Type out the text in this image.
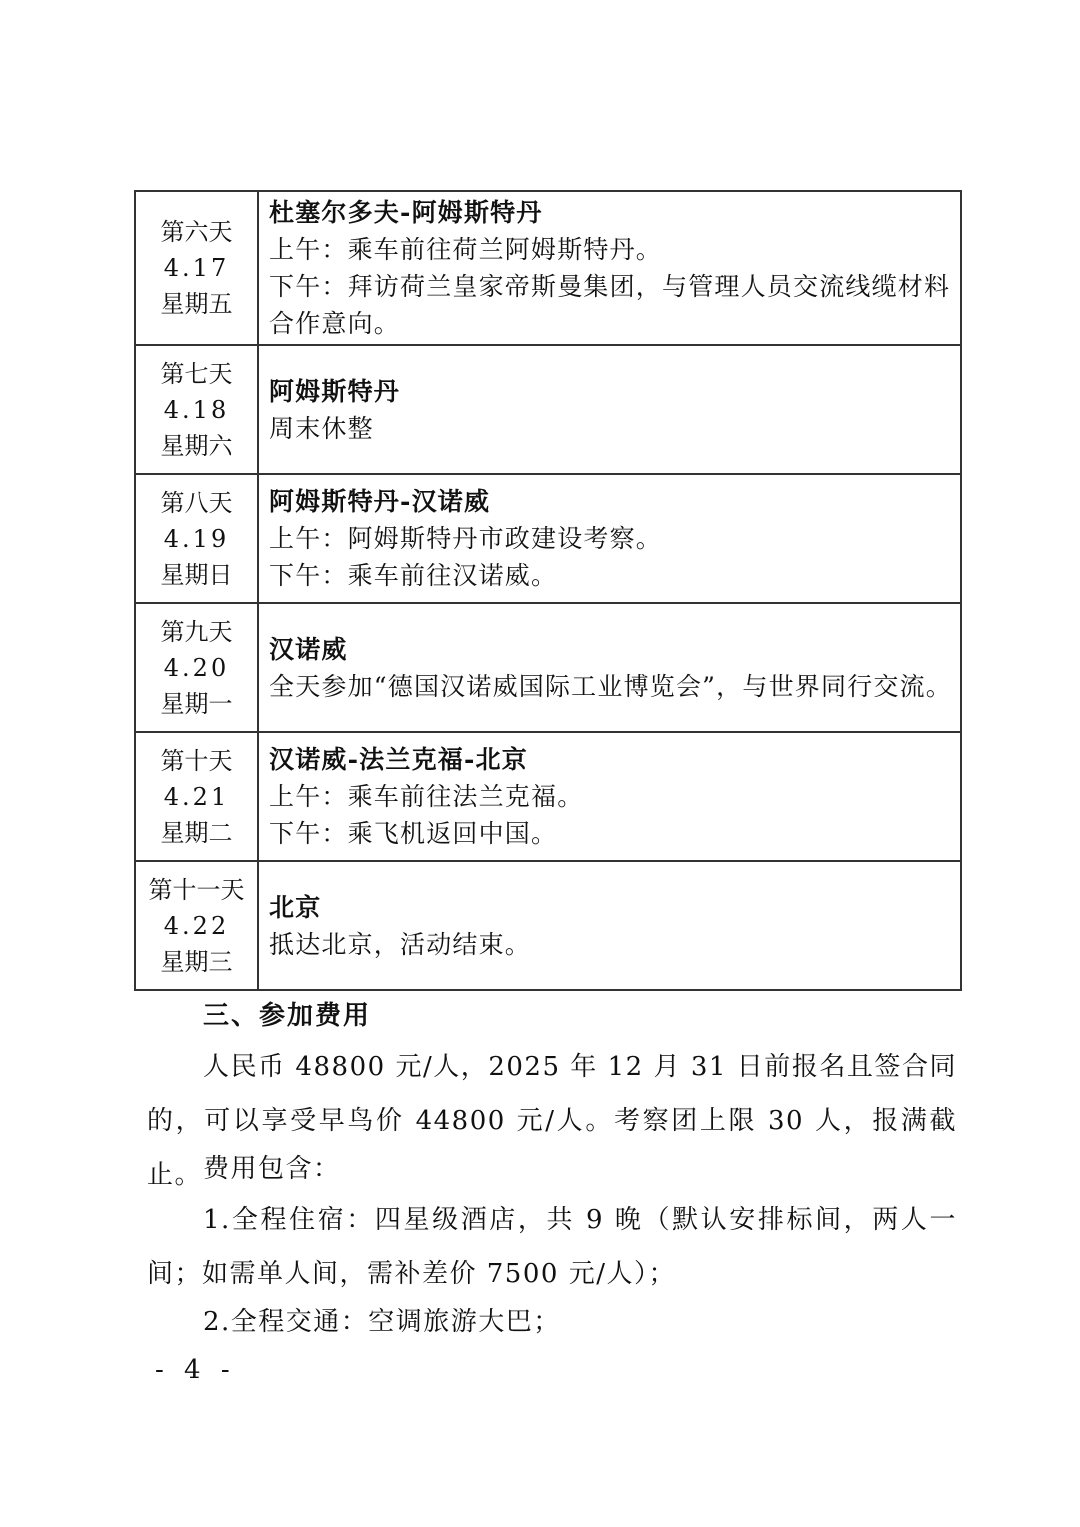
第六天
4.17
星期五	杜塞尔多夫-阿姆斯特丹
上午：乘车前往荷兰阿姆斯特丹。
下午：拜访荷兰皇家帝斯曼集团，与管理人员交流线缆材料合作意向。

第七天
4.18
星期六	阿姆斯特丹
周末休整

第八天
4.19
星期日	阿姆斯特丹-汉诺威
上午：阿姆斯特丹市政建设考察。
下午：乘车前往汉诺威。

第九天
4.20
星期一	汉诺威
全天参加“德国汉诺威国际工业博览会”，与世界同行交流。

第十天
4.21
星期二	汉诺威-法兰克福-北京
上午：乘车前往法兰克福。
下午：乘飞机返回中国。

第十一天
4.22
星期三	北京
抵达北京，活动结束。
三、参加费用
人民币 48800 元/人，2025 年 12 月 31 日前报名且签合同的，可以享受早鸟价 44800 元/人。考察团上限 30 人，报满截止。 费用包含：
1.全程住宿：四星级酒店，共 9 晚（默认安排标间，两人一间；如需单人间，需补差价 7500 元/人）；
2.全程交通：空调旅游大巴；
- 4 -
